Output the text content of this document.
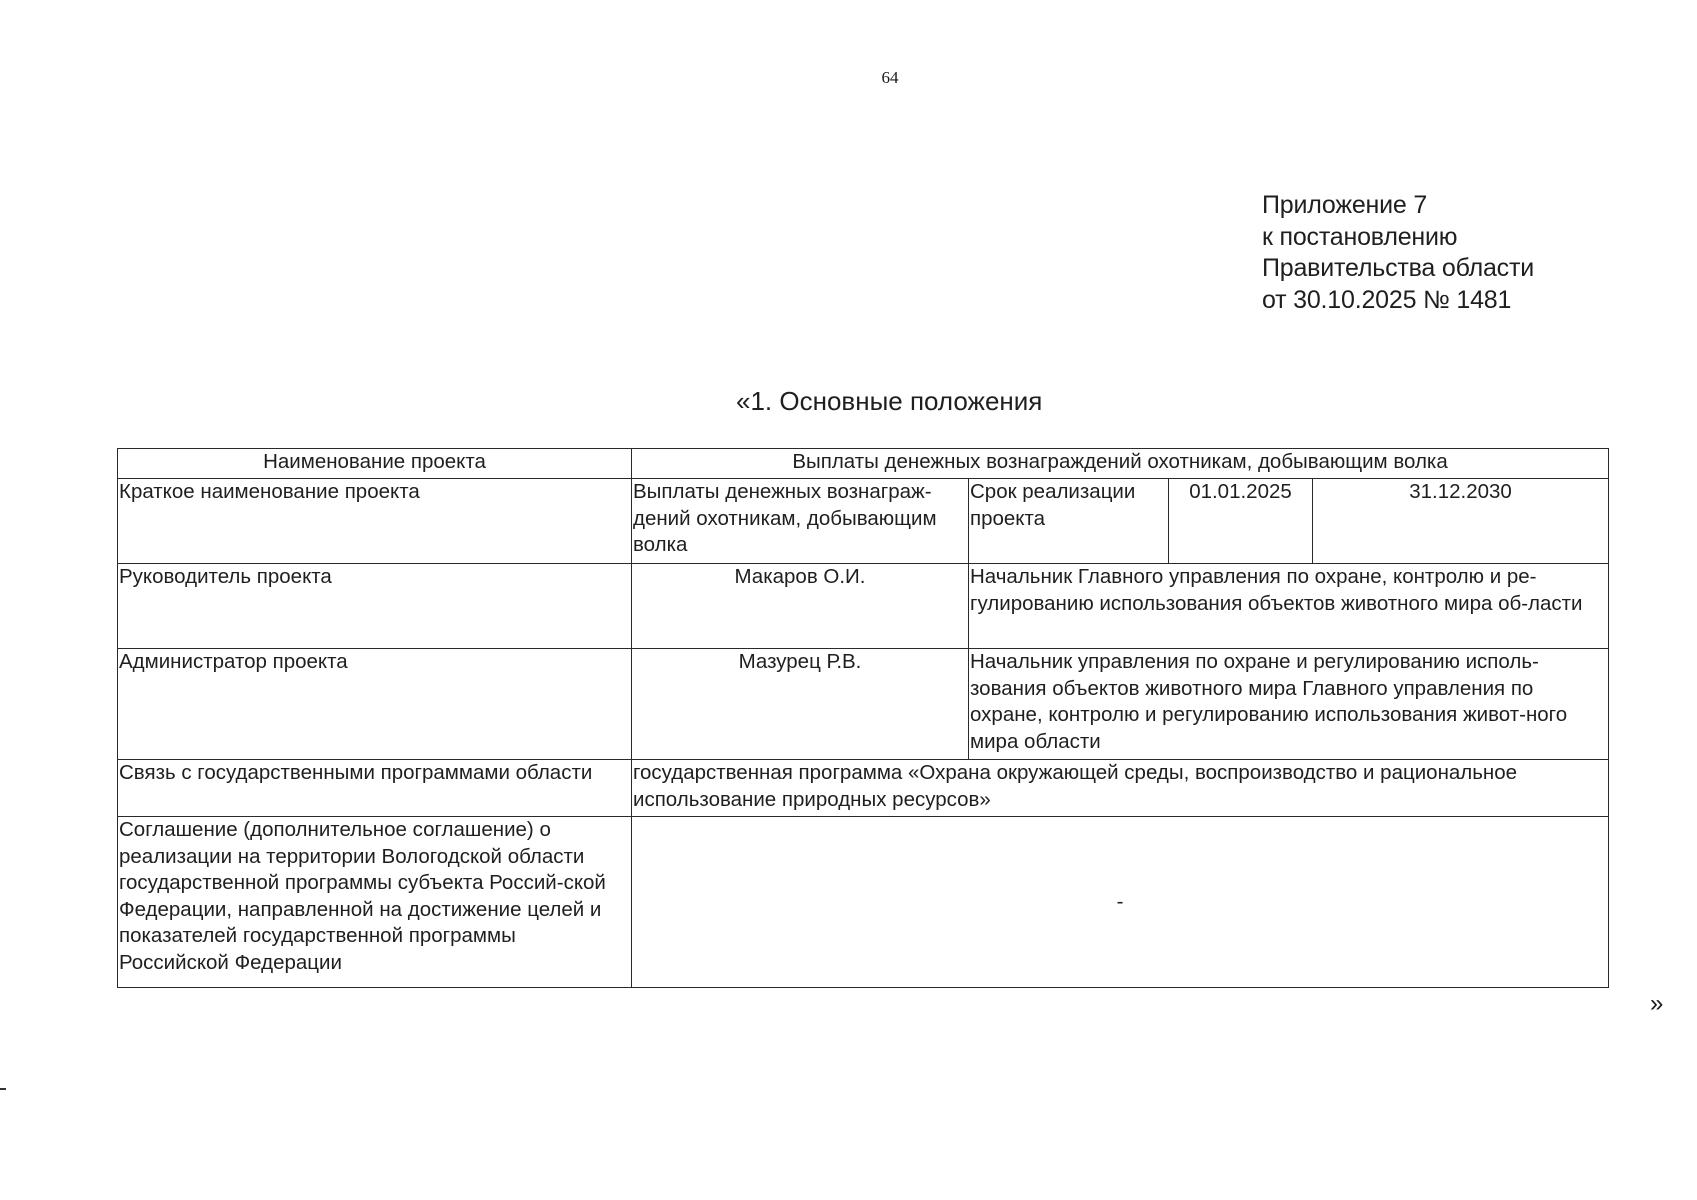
64
Приложение 7
к постановлению
Правительства области
от 30.10.2025 № 1481
«1. Основные положения
Наименование проекта	Выплаты денежных вознаграждений охотникам, добывающим волка			
Краткое наименование проекта	Выплаты денежных вознаграж-дений охотникам, добывающим волка	Срок реализации проекта	01.01.2025	31.12.2030
Руководитель проекта	Макаров О.И.	Начальник Главного управления по охране, контролю и ре-гулированию использования объектов животного мира об-ласти		
Администратор проекта	Мазурец Р.В.	Начальник управления по охране и регулированию исполь-зования объектов животного мира Главного управления по охране, контролю и регулированию использования живот-ного мира области		
Связь с государственными программами области	государственная программа «Охрана окружающей среды, воспроизводство и рациональное использование природных ресурсов»			
Соглашение (дополнительное соглашение) о реализации на территории Вологодской области государственной программы субъекта Россий-ской Федерации, направленной на достижение целей и показателей государственной программы Российской Федерации	-			
»
